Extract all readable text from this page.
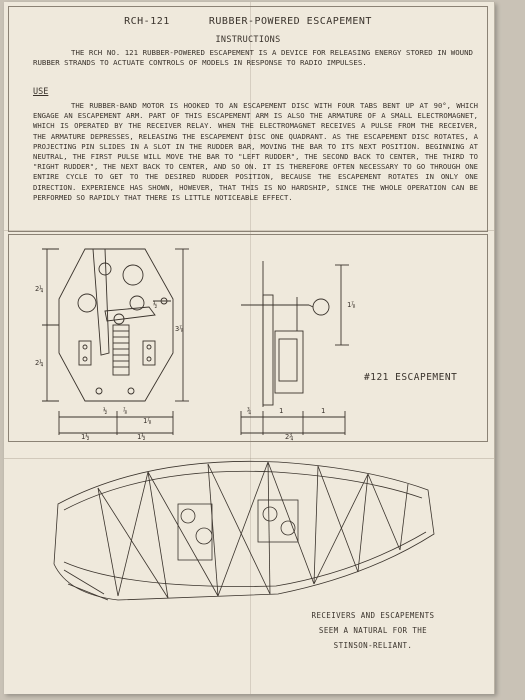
RCH-121      RUBBER-POWERED ESCAPEMENT
INSTRUCTIONS
THE RCH NO. 121 RUBBER-POWERED ESCAPEMENT IS A DEVICE FOR RELEASING ENERGY STORED IN WOUND RUBBER STRANDS TO ACTUATE CONTROLS OF MODELS IN RESPONSE TO RADIO IMPULSES.
USE
THE RUBBER-BAND MOTOR IS HOOKED TO AN ESCAPEMENT DISC WITH FOUR TABS BENT UP AT 90°, WHICH ENGAGE AN ESCAPEMENT ARM. PART OF THIS ESCAPEMENT ARM IS ALSO THE ARMATURE OF A SMALL ELECTROMAGNET, WHICH IS OPERATED BY THE RECEIVER RELAY. WHEN THE ELECTROMAGNET RECEIVES A PULSE FROM THE RECEIVER, THE ARMATURE DEPRESSES, RELEASING THE ESCAPEMENT DISC ONE QUADRANT. AS THE ESCAPEMENT DISC ROTATES, A PROJECTING PIN SLIDES IN A SLOT IN THE RUDDER BAR, MOVING THE BAR TO ITS NEXT POSITION. BEGINNING AT NEUTRAL, THE FIRST PULSE WILL MOVE THE BAR TO "LEFT RUDDER", THE SECOND BACK TO CENTER, THE THIRD TO "RIGHT RUDDER", THE NEXT BACK TO CENTER, AND SO ON. IT IS THEREFORE OFTEN NECESSARY TO GO THROUGH ONE ENTIRE CYCLE TO GET TO THE DESIRED RUDDER POSITION, BECAUSE THE ESCAPEMENT ROTATES IN ONLY ONE DIRECTION. EXPERIENCE HAS SHOWN, HOWEVER, THAT THIS IS NO HARDSHIP, SINCE THE WHOLE OPERATION CAN BE PERFORMED SO RAPIDLY THAT THERE IS LITTLE NOTICEABLE EFFECT.
2¼
2¼
3⅞
½
½ ⅞
1⅞
1½	1½
1⅞
¾	1	1
2¾
#121 ESCAPEMENT
RECEIVERS AND ESCAPEMENTS
SEEM A NATURAL FOR THE
STINSON-RELIANT.
